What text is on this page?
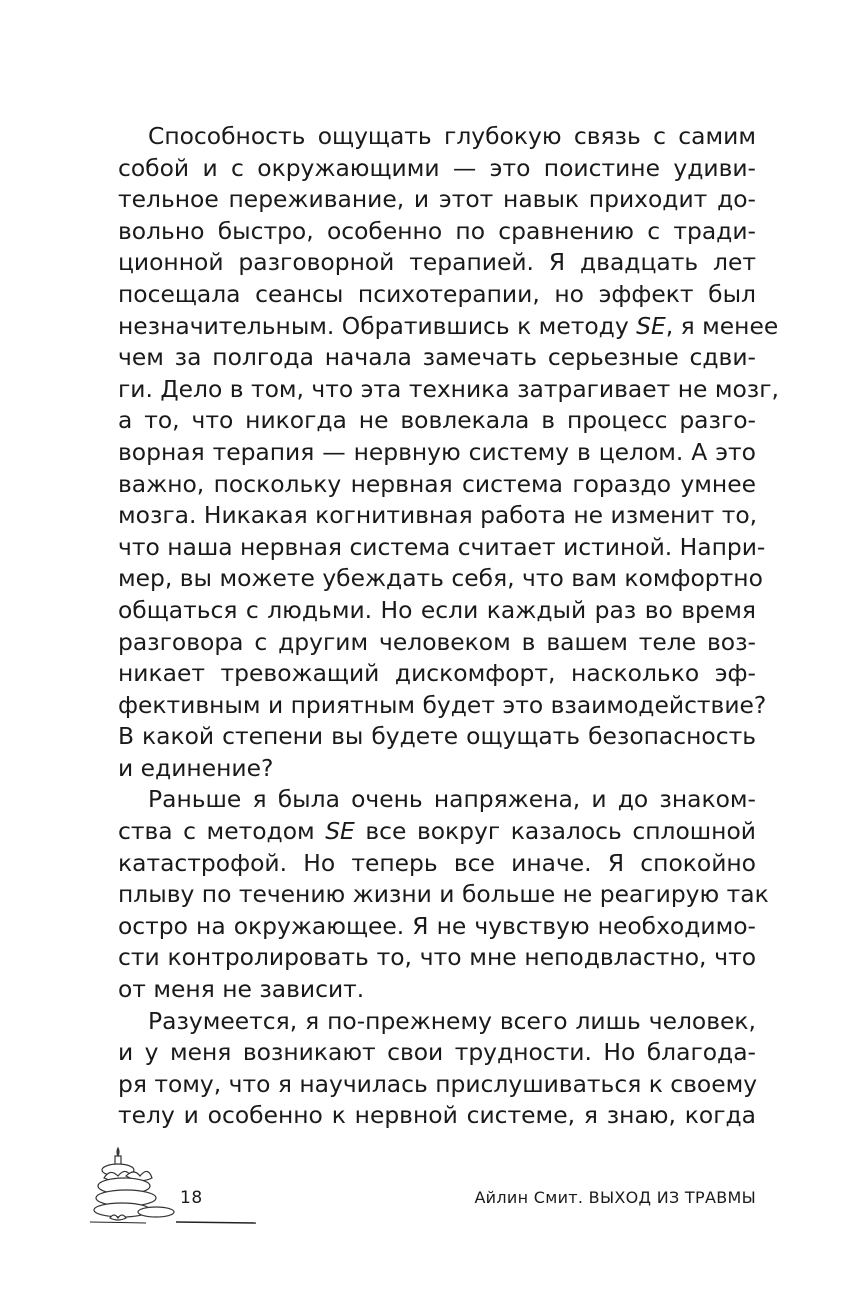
Способность ощущать глубокую связь с самим
собой и с окружающими — это поистине удиви-
тельное переживание, и этот навык приходит до-
вольно быстро, особенно по сравнению с тради-
ционной разговорной терапией. Я двадцать лет
посещала сеансы психотерапии, но эффект был
незначительным. Обратившись к методу SE, я менее
чем за полгода начала замечать серьезные сдви-
ги. Дело в том, что эта техника затрагивает не мозг,
а то, что никогда не вовлекала в процесс разго-
ворная терапия — нервную систему в целом. А это
важно, поскольку нервная система гораздо умнее
мозга. Никакая когнитивная работа не изменит то,
что наша нервная система считает истиной. Напри-
мер, вы можете убеждать себя, что вам комфортно
общаться с людьми. Но если каждый раз во время
разговора с другим человеком в вашем теле воз-
никает тревожащий дискомфорт, насколько эф-
фективным и приятным будет это взаимодействие?
В какой степени вы будете ощущать безопасность
и единение?
Раньше я была очень напряжена, и до знаком-
ства с методом SE все вокруг казалось сплошной
катастрофой. Но теперь все иначе. Я спокойно
плыву по течению жизни и больше не реагирую так
остро на окружающее. Я не чувствую необходимо-
сти контролировать то, что мне неподвластно, что
от меня не зависит.
Разумеется, я по-прежнему всего лишь человек,
и у меня возникают свои трудности. Но благода-
ря тому, что я научилась прислушиваться к своему
телу и особенно к нервной системе, я знаю, когда
18	Айлин Смит. ВЫХОД ИЗ ТРАВМЫ
